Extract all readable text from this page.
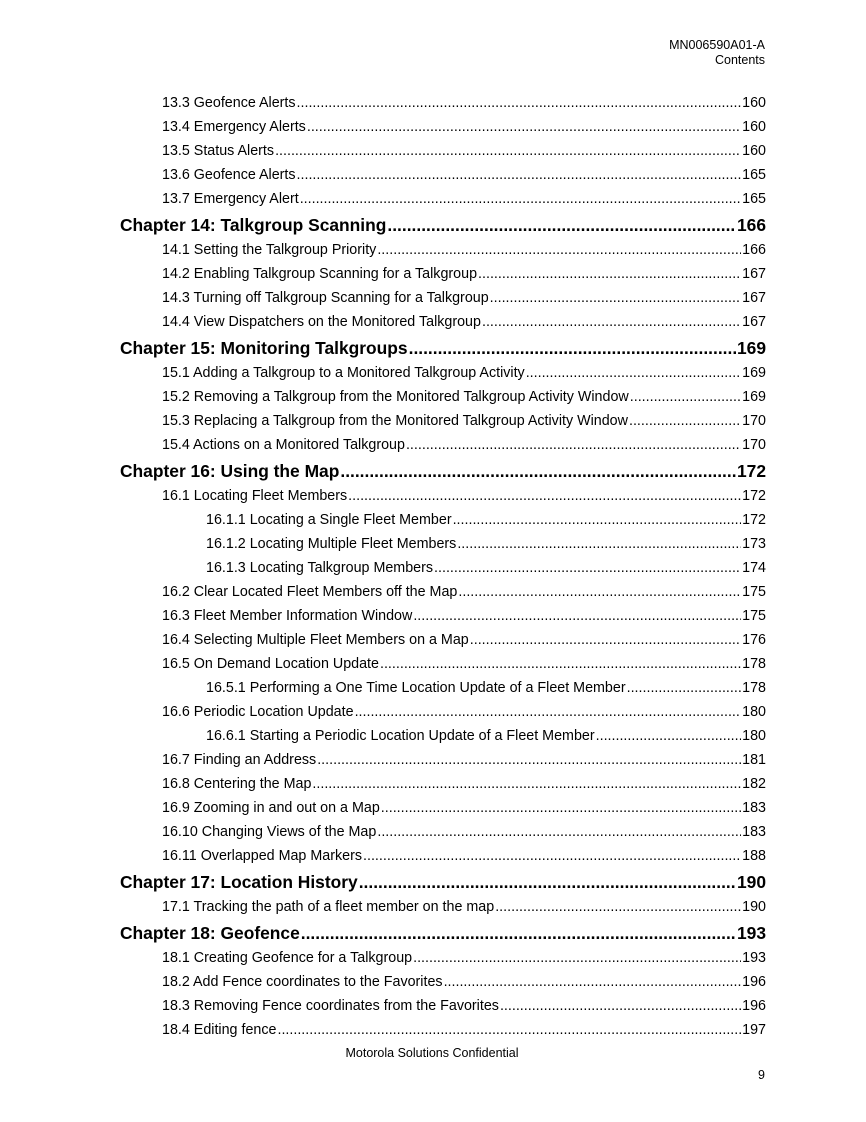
MN006590A01-A
Contents
13.3 Geofence Alerts .....	160
13.4 Emergency Alerts .....	160
13.5 Status Alerts .....	160
13.6 Geofence Alerts .....	165
13.7 Emergency Alert .....	165
Chapter 14: Talkgroup Scanning .....	166
14.1 Setting the Talkgroup Priority .....	166
14.2 Enabling Talkgroup Scanning for a Talkgroup .....	167
14.3 Turning off Talkgroup Scanning for a Talkgroup .....	167
14.4 View Dispatchers on the Monitored Talkgroup .....	167
Chapter 15: Monitoring Talkgroups .....	169
15.1 Adding a Talkgroup to a Monitored Talkgroup Activity .....	169
15.2 Removing a Talkgroup from the Monitored Talkgroup Activity Window .....	169
15.3 Replacing a Talkgroup from the Monitored Talkgroup Activity Window .....	170
15.4 Actions on a Monitored Talkgroup .....	170
Chapter 16: Using the Map .....	172
16.1 Locating Fleet Members .....	172
16.1.1 Locating a Single Fleet Member .....	172
16.1.2 Locating Multiple Fleet Members .....	173
16.1.3 Locating Talkgroup Members .....	174
16.2 Clear Located Fleet Members off the Map .....	175
16.3 Fleet Member Information Window .....	175
16.4 Selecting Multiple Fleet Members on a Map .....	176
16.5 On Demand Location Update .....	178
16.5.1 Performing a One Time Location Update of a Fleet Member .....	178
16.6 Periodic Location Update .....	180
16.6.1 Starting a Periodic Location Update of a Fleet Member .....	180
16.7 Finding an Address .....	181
16.8 Centering the Map .....	182
16.9 Zooming in and out on a Map .....	183
16.10 Changing Views of the Map .....	183
16.11 Overlapped Map Markers .....	188
Chapter 17: Location History .....	190
17.1 Tracking the path of a fleet member on the map .....	190
Chapter 18: Geofence .....	193
18.1 Creating Geofence for a Talkgroup .....	193
18.2 Add Fence coordinates to the Favorites .....	196
18.3 Removing Fence coordinates from the Favorites .....	196
18.4 Editing fence .....	197
Motorola Solutions Confidential
9
